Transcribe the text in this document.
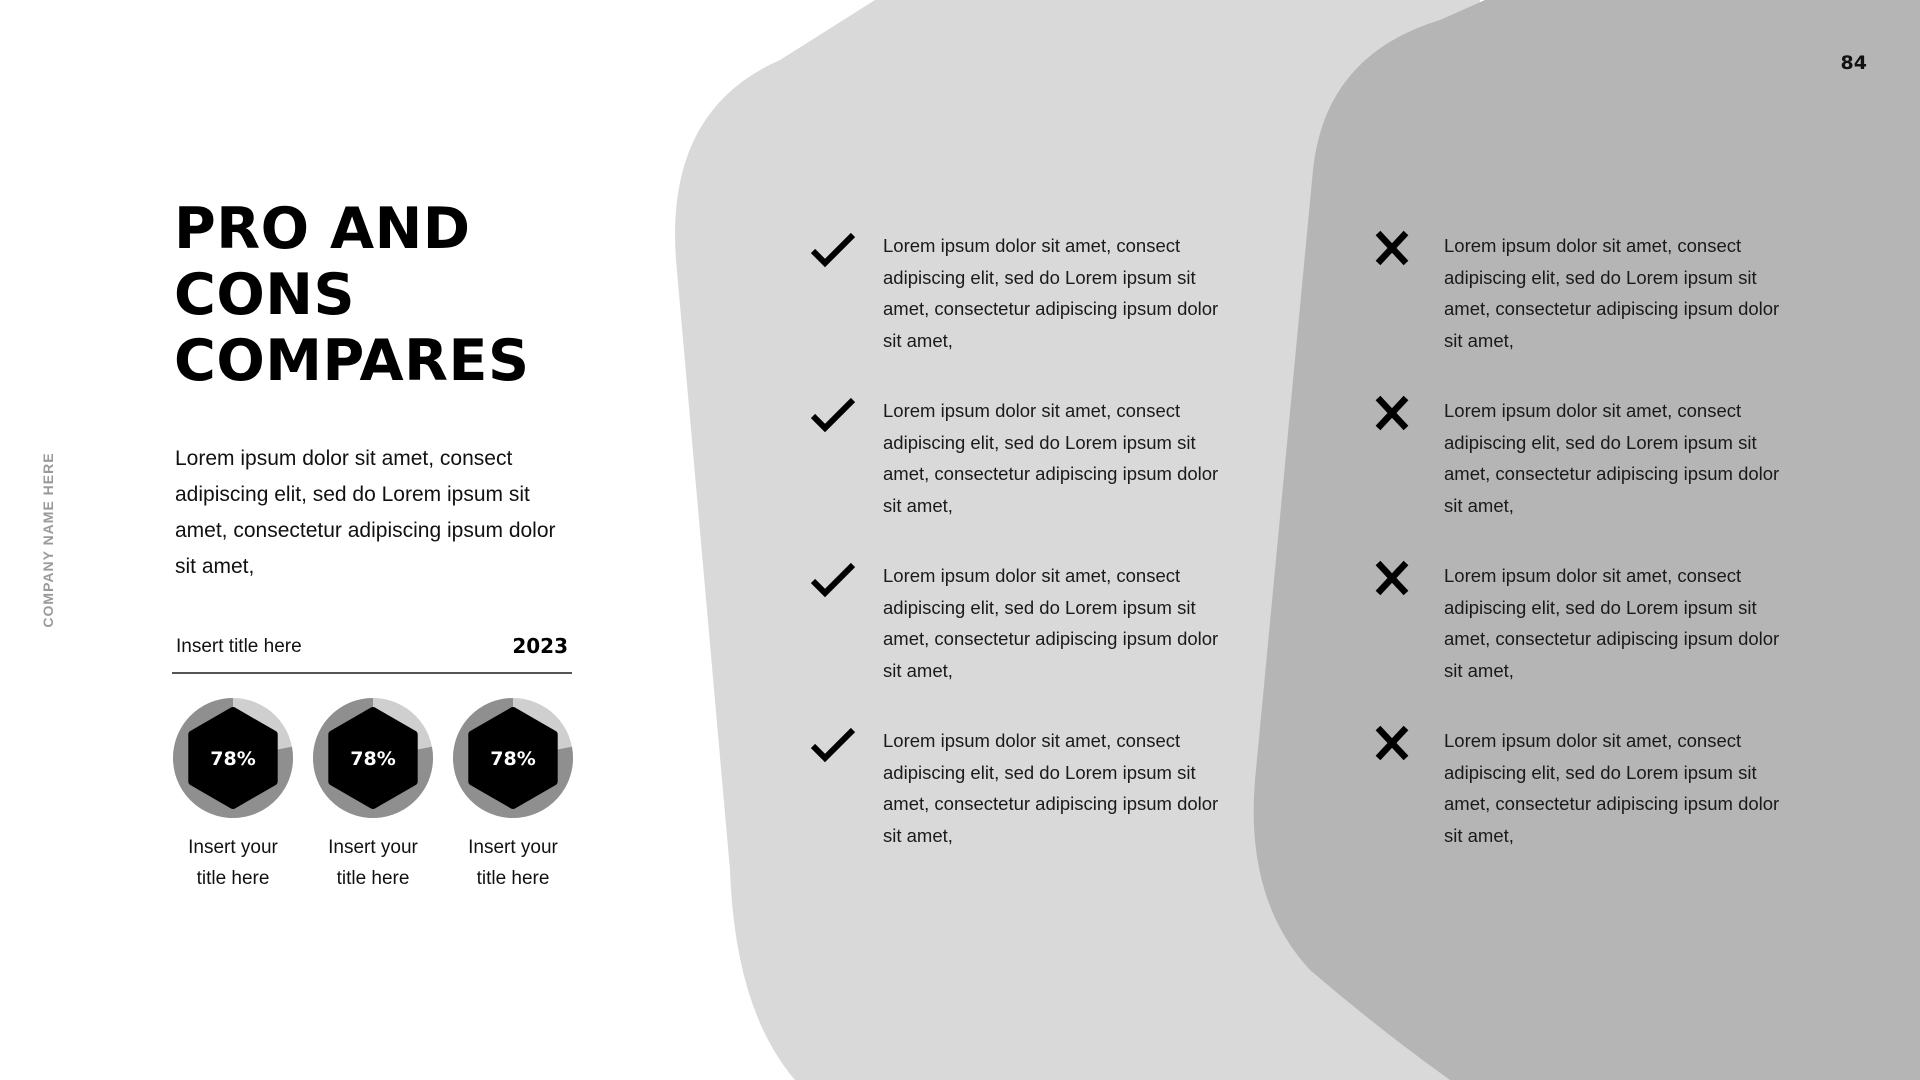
84
COMPANY NAME HERE
PRO AND
CONS
COMPARES

Lorem ipsum dolor sit amet, consect adipiscing elit, sed do Lorem ipsum sit amet, consectetur adipiscing ipsum dolor sit amet,

Insert title here	2023
78%
Insert your
title here
78%
Insert your
title here
78%
Insert your
title here
Lorem ipsum dolor sit amet, consect adipiscing elit, sed do Lorem ipsum sit amet, consectetur adipiscing ipsum dolor sit amet,
Lorem ipsum dolor sit amet, consect adipiscing elit, sed do Lorem ipsum sit amet, consectetur adipiscing ipsum dolor sit amet,
Lorem ipsum dolor sit amet, consect adipiscing elit, sed do Lorem ipsum sit amet, consectetur adipiscing ipsum dolor sit amet,
Lorem ipsum dolor sit amet, consect adipiscing elit, sed do Lorem ipsum sit amet, consectetur adipiscing ipsum dolor sit amet,
Lorem ipsum dolor sit amet, consect adipiscing elit, sed do Lorem ipsum sit amet, consectetur adipiscing ipsum dolor sit amet,
Lorem ipsum dolor sit amet, consect adipiscing elit, sed do Lorem ipsum sit amet, consectetur adipiscing ipsum dolor sit amet,
Lorem ipsum dolor sit amet, consect adipiscing elit, sed do Lorem ipsum sit amet, consectetur adipiscing ipsum dolor sit amet,
Lorem ipsum dolor sit amet, consect adipiscing elit, sed do Lorem ipsum sit amet, consectetur adipiscing ipsum dolor sit amet,
